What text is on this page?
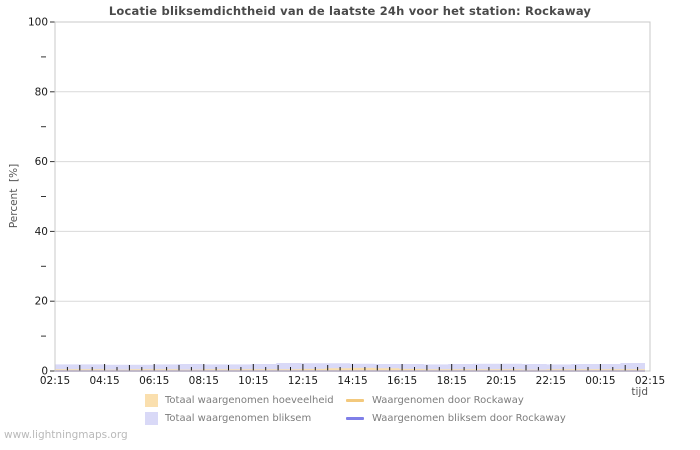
Locatie bliksemdichtheid van de laatste 24h voor het station: Rockaway
Percent  [%]
0
20
40
60
80
100
02:15 04:15 06:15 08:15 10:15 12:15 14:15 16:15 18:15 20:15 22:15 00:15 02:15
tijd
Totaal waargenomen hoeveelheid
Totaal waargenomen bliksem
Waargenomen door Rockaway
Waargenomen bliksem door Rockaway
www.lightningmaps.org
